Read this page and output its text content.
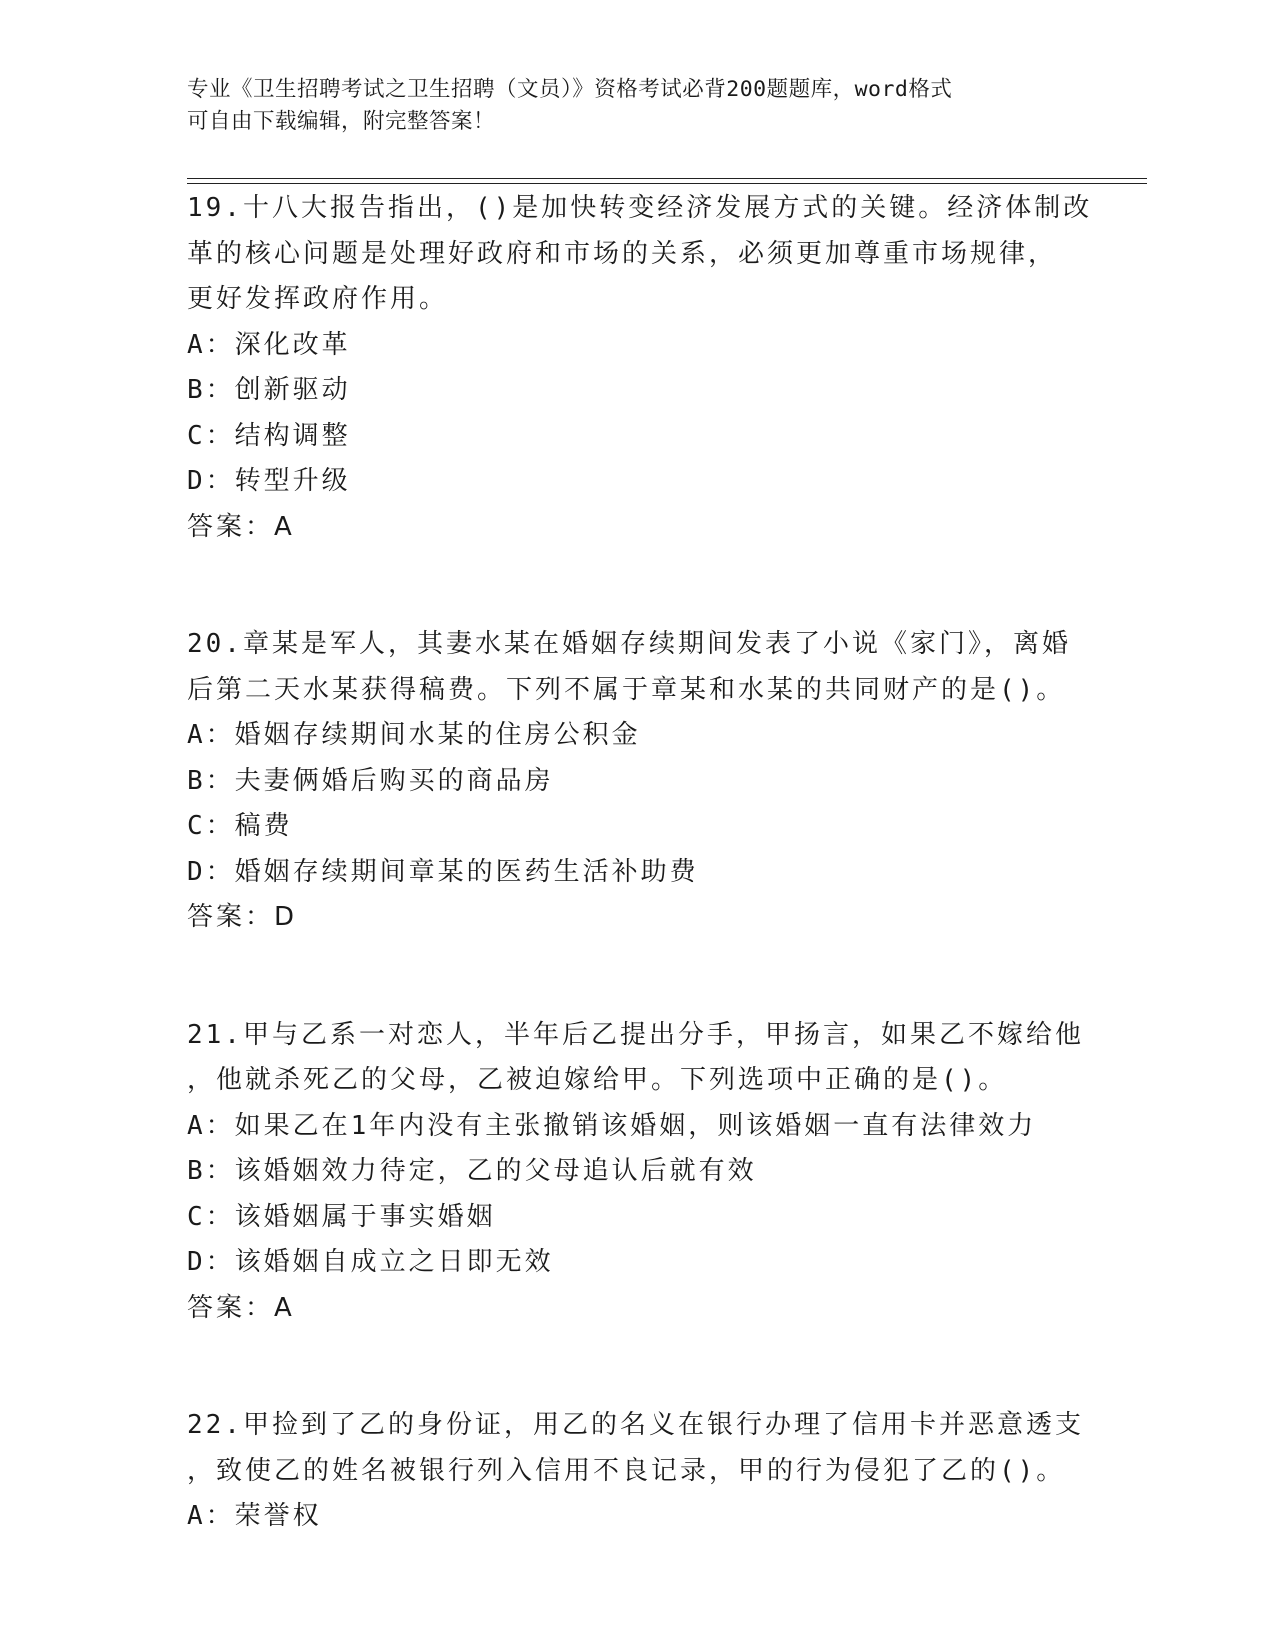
专业《卫生招聘考试之卫生招聘（文员）》资格考试必背200题题库，word格式
可自由下载编辑，附完整答案！
19.十八大报告指出，()是加快转变经济发展方式的关键。经济体制改
革的核心问题是处理好政府和市场的关系，必须更加尊重市场规律，
更好发挥政府作用。
A：深化改革
B：创新驱动
C：结构调整
D：转型升级
答案：A
20.章某是军人，其妻水某在婚姻存续期间发表了小说《家门》，离婚
后第二天水某获得稿费。下列不属于章某和水某的共同财产的是()。
A：婚姻存续期间水某的住房公积金
B：夫妻俩婚后购买的商品房
C：稿费
D：婚姻存续期间章某的医药生活补助费
答案：D
21.甲与乙系一对恋人，半年后乙提出分手，甲扬言，如果乙不嫁给他
，他就杀死乙的父母，乙被迫嫁给甲。下列选项中正确的是()。
A：如果乙在1年内没有主张撤销该婚姻，则该婚姻一直有法律效力
B：该婚姻效力待定，乙的父母追认后就有效
C：该婚姻属于事实婚姻
D：该婚姻自成立之日即无效
答案：A
22.甲捡到了乙的身份证，用乙的名义在银行办理了信用卡并恶意透支
，致使乙的姓名被银行列入信用不良记录，甲的行为侵犯了乙的()。
A：荣誉权
